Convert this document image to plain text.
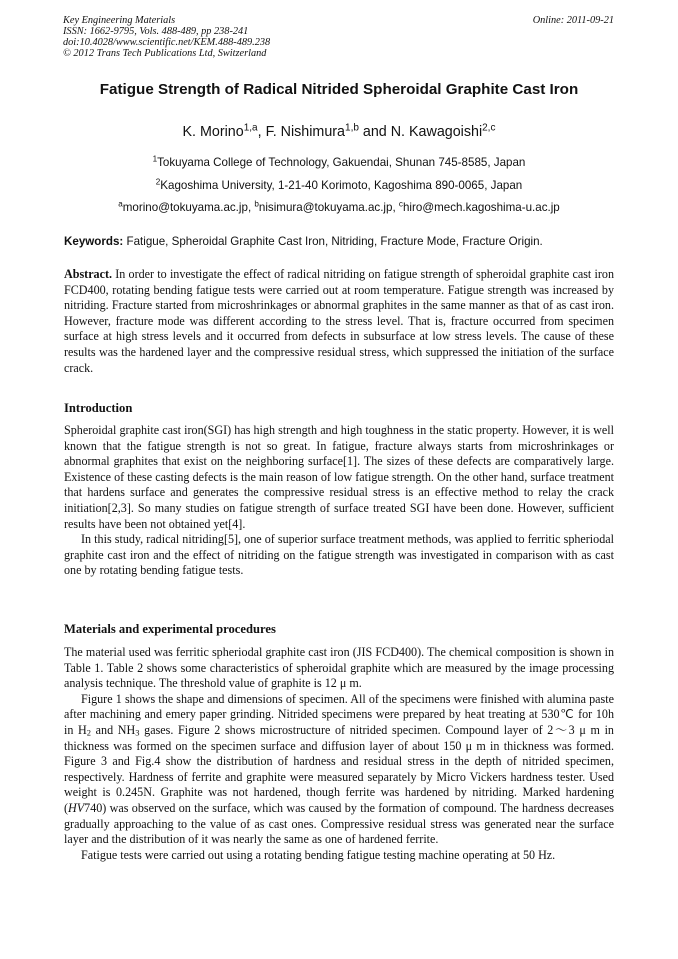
Key Engineering Materials
ISSN: 1662-9795, Vols. 488-489, pp 238-241
doi:10.4028/www.scientific.net/KEM.488-489.238
© 2012 Trans Tech Publications Ltd, Switzerland
Online: 2011-09-21
Fatigue Strength of Radical Nitrided Spheroidal Graphite Cast Iron
K. Morino$^{1,a}$, F. Nishimura$^{1,b}$ and N. Kawagoishi$^{2,c}$
$^1$Tokuyama College of Technology, Gakuendai, Shunan 745-8585, Japan
$^2$Kagoshima University, 1-21-40 Korimoto, Kagoshima 890-0065, Japan
$^a$morino@tokuyama.ac.jp, $^b$nisimura@tokuyama.ac.jp, $^c$hiro@mech.kagoshima-u.ac.jp
Keywords: Fatigue, Spheroidal Graphite Cast Iron, Nitriding, Fracture Mode, Fracture Origin.

Abstract. In order to investigate the effect of radical nitriding on fatigue strength of spheroidal graphite cast iron FCD400, rotating bending fatigue tests were carried out at room temperature. Fatigue strength was increased by nitriding. Fracture started from microshrinkages or abnormal graphites in the same manner as that of as cast iron. However, fracture mode was different according to the stress level. That is, fracture occurred from specimen surface at high stress levels and it occurred from defects in subsurface at low stress levels. The cause of these results was the hardened layer and the compressive residual stress, which suppressed the initiation of the surface crack.

Introduction

Spheroidal graphite cast iron(SGI) has high strength and high toughness in the static property. However, it is well known that the fatigue strength is not so great. In fatigue, fracture always starts from microshrinkages or abnormal graphites that exist on the neighboring surface[1]. The sizes of these defects are comparatively large. Existence of these casting defects is the main reason of low fatigue strength. On the other hand, surface treatment that hardens surface and generates the compressive residual stress is an effective method to relay the crack initiation[2,3]. So many studies on fatigue strength of surface treated SGI have been done. However, sufficient results have been not obtained yet[4].

In this study, radical nitriding[5], one of superior surface treatment methods, was applied to ferritic spheriodal graphite cast iron and the effect of nitriding on the fatigue strength was investigated in comparison with as cast one by rotating bending fatigue tests.

Materials and experimental procedures

The material used was ferritic spheriodal graphite cast iron (JIS FCD400). The chemical composition is shown in Table 1. Table 2 shows some characteristics of spheroidal graphite which are measured by the image processing analysis technique. The threshold value of graphite is 12 μ m.

Figure 1 shows the shape and dimensions of specimen. All of the specimens were finished with alumina paste after machining and emery paper grinding. Nitrided specimens were prepared by heat treating at 530℃ for 10h in $H_2$ and $NH_3$ gases. Figure 2 shows microstructure of nitrided specimen. Compound layer of 2～3 μ m in thickness was formed on the specimen surface and diffusion layer of about 150 μ m in thickness was formed. Figure 3 and Fig.4 show the distribution of hardness and residual stress in the depth of nitrided specimen, respectively. Hardness of ferrite and graphite were measured separately by Micro Vickers hardness tester. Used weight is 0.245N. Graphite was not hardened, though ferrite was hardened by nitriding. Marked hardening (HV740) was observed on the surface, which was caused by the formation of compound. The hardness decreases gradually approaching to the value of as cast ones. Compressive residual stress was generated near the surface layer and the distribution of it was nearly the same as one of hardened ferrite.

Fatigue tests were carried out using a rotating bending fatigue testing machine operating at 50 Hz.
